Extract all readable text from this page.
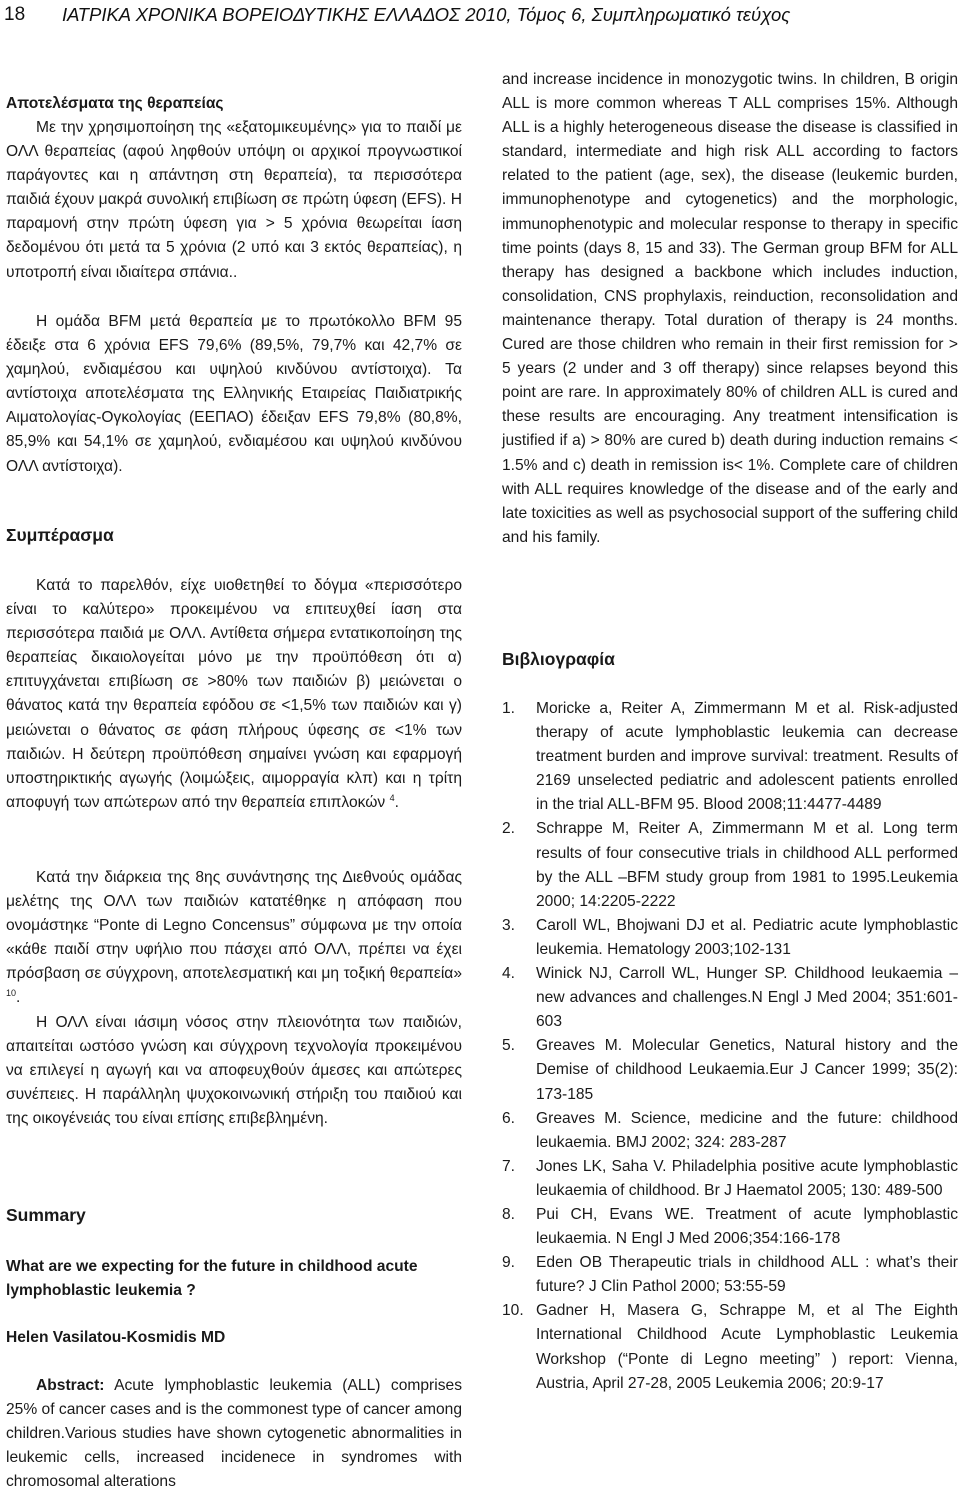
18 ΙΑΤΡΙΚΑ ΧΡΟΝΙΚΑ ΒΟΡΕΙΟΔΥΤΙΚΗΣ ΕΛΛΑΔΟΣ 2010, Τόμος 6, Συμπληρωματικό τεύχος
Αποτελέσματα της θεραπείας

Με την χρησιμοποίηση της «εξατομικευμένης» για το παιδί με ΟΛΛ θεραπείας (αφού ληφθούν υπόψη οι αρχικοί προγνωστικοί παράγοντες και η απάντηση στη θεραπεία), τα περισσότερα παιδιά έχουν μακρά συνολική επιβίωση σε πρώτη ύφεση (EFS). Η παραμονή στην πρώτη ύφεση για > 5 χρόνια θεωρείται ίαση δεδομένου ότι μετά τα 5 χρόνια (2 υπό και 3 εκτός θεραπείας), η υποτροπή είναι ιδιαίτερα σπάνια..

Η ομάδα BFM μετά θεραπεία με το πρωτόκολλο BFM 95 έδειξε στα 6 χρόνια EFS 79,6% (89,5%, 79,7% και 42,7% σε χαμηλού, ενδιαμέσου και υψηλού κινδύνου αντίστοιχα). Τα αντίστοιχα αποτελέσματα της Ελληνικής Εταιρείας Παιδιατρικής Αιματολογίας-Ογκολογίας (ΕΕΠΑΟ) έδειξαν EFS 79,8% (80,8%, 85,9% και 54,1% σε χαμηλού, ενδιαμέσου και υψηλού κινδύνου ΟΛΛ αντίστοιχα).

Συμπέρασμα

Κατά το παρελθόν, είχε υιοθετηθεί το δόγμα «περισσότερο είναι το καλύτερο» προκειμένου να επιτευχθεί ίαση στα περισσότερα παιδιά με ΟΛΛ. Αντίθετα σήμερα εντατικοποίηση της θεραπείας δικαιολογείται μόνο με την προϋπόθεση ότι α) επιτυγχάνεται επιβίωση σε >80% των παιδιών β) μειώνεται ο θάνατος κατά την θεραπεία εφόδου σε <1,5% των παιδιών και γ) μειώνεται ο θάνατος σε φάση πλήρους ύφεσης σε <1% των παιδιών. Η δεύτερη προϋπόθεση σημαίνει γνώση και εφαρμογή υποστηρικτικής αγωγής (λοιμώξεις, αιμορραγία κλπ) και η τρίτη αποφυγή των απώτερων από την θεραπεία επιπλοκών $^4$.

Κατά την διάρκεια της 8ης συνάντησης της Διεθνούς ομάδας μελέτης της ΟΛΛ των παιδιών κατατέθηκε η απόφαση που ονομάστηκε “Ponte di Legno Concensus” σύμφωνα με την οποία «κάθε παιδί στην υφήλιο που πάσχει από ΟΛΛ, πρέπει να έχει πρόσβαση σε σύγχρονη, αποτελεσματική και μη τοξική θεραπεία» $^{10}$.

Η ΟΛΛ είναι ιάσιμη νόσος στην πλειονότητα των παιδιών, απαιτείται ωστόσο γνώση και σύγχρονη τεχνολογία προκειμένου να επιλεγεί η αγωγή και να αποφευχθούν άμεσες και απώτερες συνέπειες. Η παράλληλη ψυχοκοινωνική στήριξη του παιδιού και της οικογένειάς του είναι επίσης επιβεβλημένη.

Summary

What are we expecting for the future in childhood acute lymphoblastic leukemia ?

Helen Vasilatou-Kosmidis MD

Abstract: Acute lymphoblastic leukemia (ALL) comprises 25% of cancer cases and is the commonest type of cancer among children.Various studies have shown cytogenetic abnormalities in leukemic cells, increased incidenece in syndromes with chromosomal alterations

and increase incidence in monozygotic twins. In children, B origin ALL is more common whereas T ALL comprises 15%. Although ALL is a highly heterogeneous disease the disease is classified in standard, intermediate and high risk ALL according to factors related to the patient (age, sex), the disease (leukemic burden, immunophenotype and cytogenetics) and the morphologic, immunophenotypic and molecular response to therapy in specific time points (days 8, 15 and 33). The German group BFM for ALL therapy has designed a backbone which includes induction, consolidation, CNS prophylaxis, reinduction, reconsolidation and maintenance therapy. Total duration of therapy is 24 months. Cured are those children who remain in their first remission for > 5 years (2 under and 3 off therapy) since relapses beyond this point are rare. In approximately 80% of children ALL is cured and these results are encouraging. Any treatment intensification is justified if a) > 80% are cured b) death during induction remains < 1.5% and c) death in remission is< 1%. Complete care of children with ALL requires knowledge of the disease and of the early and late toxicities as well as psychosocial support of the suffering child and his family.

Βιβλιογραφία
1. Moricke a, Reiter A, Zimmermann M et al. Risk-adjusted therapy of acute lymphoblastic leukemia can decrease treatment burden and improve survival: treatment. Results of 2169 unselected pediatric and adolescent patients enrolled in the trial ALL-BFM 95. Blood 2008;11:4477-4489
2. Schrappe M, Reiter A, Zimmermann M et al. Long term results of four consecutive trials in childhood ALL performed by the ALL –BFM study group from 1981 to 1995.Leukemia 2000; 14:2205-2222
3. Caroll WL, Bhojwani DJ et al. Pediatric acute lymphoblastic leukemia. Hematology 2003;102-131
4. Winick NJ, Carroll WL, Hunger SP. Childhood leukaemia –new advances and challenges.N Engl J Med 2004; 351:601-603
5. Greaves M. Molecular Genetics, Natural history and the Demise of childhood Leukaemia.Eur J Cancer 1999; 35(2): 173-185
6. Greaves M. Science, medicine and the future: childhood leukaemia. BMJ 2002; 324: 283-287
7. Jones LK, Saha V. Philadelphia positive acute lymphoblastic leukaemia of childhood. Br J Haematol 2005; 130: 489-500
8. Pui CH, Evans WE. Treatment of acute lymphoblastic leukaemia. N Engl J Med 2006;354:166-178
9. Eden OB Therapeutic trials in childhood ALL : what’s their future? J Clin Pathol 2000; 53:55-59
10. Gadner H, Masera G, Schrappe M, et al The Eighth International Childhood Acute Lymphoblastic Leukemia Workshop (“Ponte di Legno meeting” ) report: Vienna, Austria, April 27-28, 2005 Leukemia 2006; 20:9-17
